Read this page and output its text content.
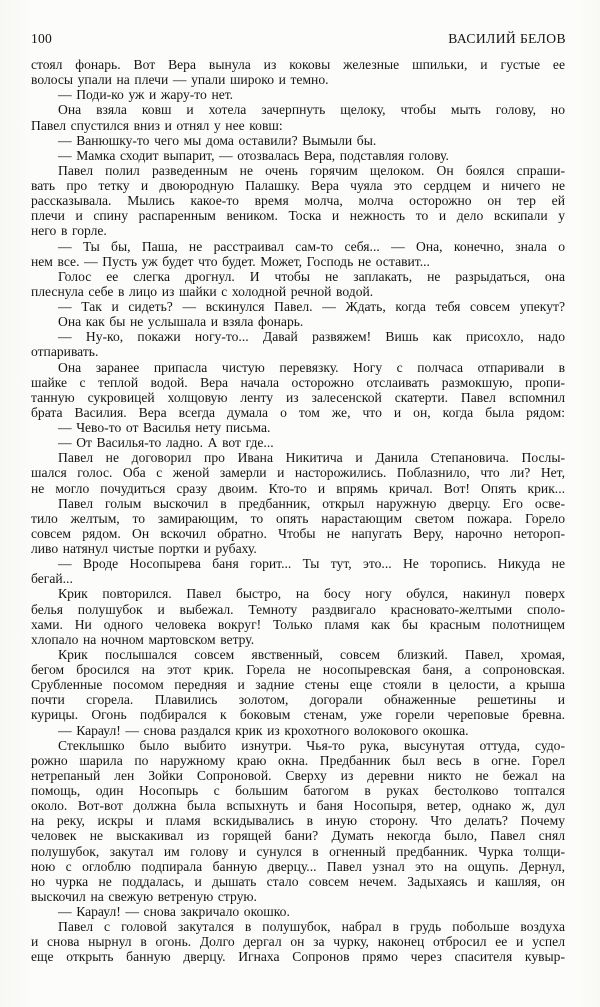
100	ВАСИЛИЙ БЕЛОВ
стоял фонарь. Вот Вера вынула из коковы железные шпильки, и густые ее
волосы упали на плечи — упали широко и темно.
— Поди-ко уж и жару-то нет.
Она взяла ковш и хотела зачерпнуть щелоку, чтобы мыть голову, но
Павел спустился вниз и отнял у нее ковш:
— Ванюшку-то чего мы дома оставили? Вымыли бы.
— Мамка сходит выпарит, — отозвалась Вера, подставляя голову.
Павел полил разведенным не очень горячим щелоком. Он боялся спраши-
вать про тетку и двоюродную Палашку. Вера чуяла это сердцем и ничего не
рассказывала. Мылись какое-то время молча, молча осторожно он тер ей
плечи и спину распаренным веником. Тоска и нежность то и дело вскипали у
него в горле.
— Ты бы, Паша, не расстраивал сам-то себя... — Она, конечно, знала о
нем все. — Пусть уж будет что будет. Может, Господь не оставит...
Голос ее слегка дрогнул. И чтобы не заплакать, не разрыдаться, она
плеснула себе в лицо из шайки с холодной речной водой.
— Так и сидеть? — вскинулся Павел. — Ждать, когда тебя совсем упекут?
Она как бы не услышала и взяла фонарь.
— Ну-ко, покажи ногу-то... Давай развяжем! Вишь как присохло, надо
отпаривать.
Она заранее припасла чистую перевязку. Ногу с полчаса отпаривали в
шайке с теплой водой. Вера начала осторожно отслаивать размокшую, пропи-
танную сукровицей холщовую ленту из залесенской скатерти. Павел вспомнил
брата Василия. Вера всегда думала о том же, что и он, когда была рядом:
— Чево-то от Василья нету письма.
— От Василья-то ладно. А вот где...
Павел не договорил про Ивана Никитича и Данила Степановича. Послы-
шался голос. Оба с женой замерли и насторожились. Поблазнило, что ли? Нет,
не могло почудиться сразу двоим. Кто-то и впрямь кричал. Вот! Опять крик...
Павел голым выскочил в предбанник, открыл наружную дверцу. Его осве-
тило желтым, то замирающим, то опять нарастающим светом пожара. Горело
совсем рядом. Он вскочил обратно. Чтобы не напугать Веру, нарочно нетороп-
ливо натянул чистые портки и рубаху.
— Вроде Носопырева баня горит... Ты тут, это... Не торопись. Никуда не
бегай...
Крик повторился. Павел быстро, на босу ногу обулся, накинул поверх
белья полушубок и выбежал. Темноту раздвигало красновато-желтыми споло-
хами. Ни одного человека вокруг! Только пламя как бы красным полотнищем
хлопало на ночном мартовском ветру.
Крик послышался совсем явственный, совсем близкий. Павел, хромая,
бегом бросился на этот крик. Горела не носопыревская баня, а сопроновская.
Срубленные посомом передняя и задние стены еще стояли в целости, а крыша
почти сгорела. Плавились золотом, догорали обнаженные решетины и
курицы. Огонь подбирался к боковым стенам, уже горели череповые бревна.
— Караул! — снова раздался крик из крохотного волокового окошка.
Стеклышко было выбито изнутри. Чья-то рука, высунутая оттуда, судо-
рожно шарила по наружному краю окна. Предбанник был весь в огне. Горел
нетрепаный лен Зойки Сопроновой. Сверху из деревни никто не бежал на
помощь, один Носопырь с большим батогом в руках бестолково топтался
около. Вот-вот должна была вспыхнуть и баня Носопыря, ветер, однако ж, дул
на реку, искры и пламя вскидывались в иную сторону. Что делать? Почему
человек не выскакивал из горящей бани? Думать некогда было, Павел снял
полушубок, закутал им голову и сунулся в огненный предбанник. Чурка толщи-
ною с оглоблю подпирала банную дверцу... Павел узнал это на ощупь. Дернул,
но чурка не поддалась, и дышать стало совсем нечем. Задыхаясь и кашляя, он
выскочил на свежую ветреную струю.
— Караул! — снова закричало окошко.
Павел с головой закутался в полушубок, набрал в грудь побольше воздуха
и снова нырнул в огонь. Долго дергал он за чурку, наконец отбросил ее и успел
еще открыть банную дверцу. Игнаха Сопронов прямо через спасителя кувыр-
